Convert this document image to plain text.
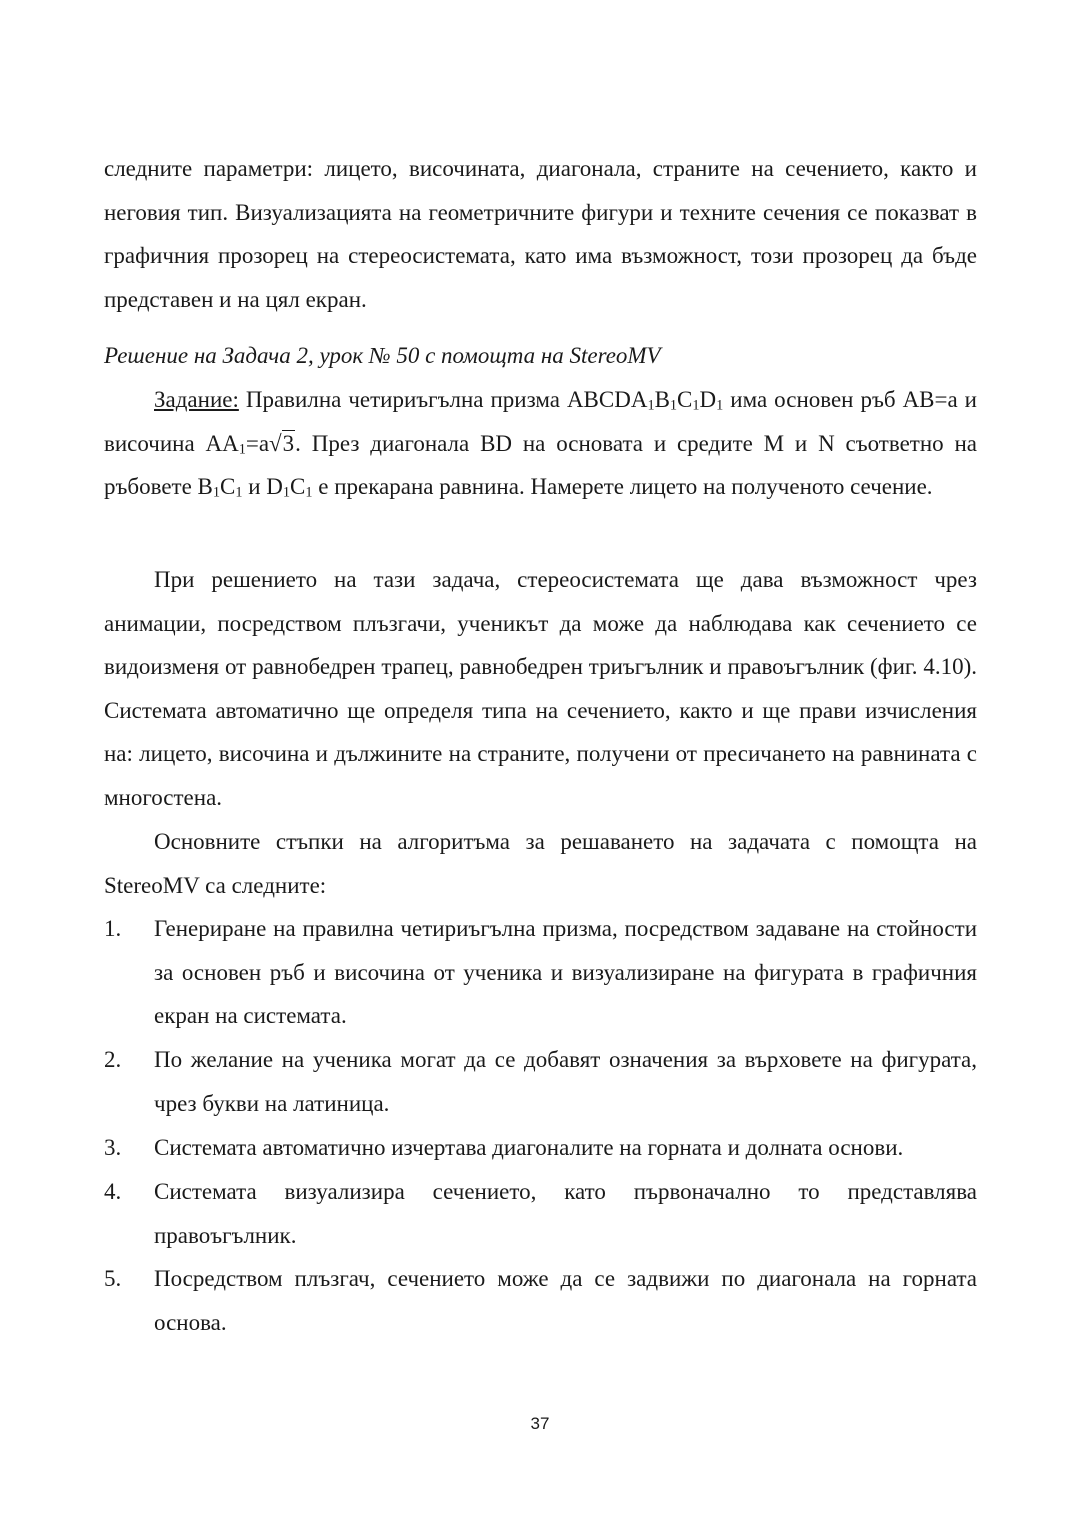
следните параметри: лицето, височината, диагонала, страните на сечението, както и неговия тип. Визуализацията на геометричните фигури и техните сечения се показват в графичния прозорец на стереосистемата, като има възможност, този прозорец да бъде представен и на цял екран.

Решение на Задача 2, урок № 50 с помощта на StereoMV

Задание: Правилна четириъгълна призма $ABCDA_1B_1C_1D_1$ има основен ръб AB=a и височина $AA_1=a√3$. През диагонала BD на основата и средите M и N съответно на ръбовете $B_1C_1$ и $D_1C_1$ е прекарана равнина. Намерете лицето на полученото сечение.

При решението на тази задача, стереосистемата ще дава възможност чрез анимации, посредством плъзгачи, ученикът да може да наблюдава как сечението се видоизменя от равнобедрен трапец, равнобедрен триъгълник и правоъгълник (фиг. 4.10). Системата автоматично ще определя типа на сечението, както и ще прави изчисления на: лицето, височина и дължините на страните, получени от пресичането на равнината с многостена.

Основните стъпки на алгоритъма за решаването на задачата с помощта на StereoMV са следните:

1.	Генериране на правилна четириъгълна призма, посредством задаване на стойности за основен ръб и височина от ученика и визуализиране на фигурата в графичния екран на системата.
2.	По желание на ученика могат да се добавят означения за върховете на фигурата, чрез букви на латиница.
3.	Системата автоматично изчертава диагоналите на горната и долната основи.
4.	Системата визуализира сечението, като първоначално то представлява правоъгълник.
5.	Посредством плъзгач, сечението може да се задвижи по диагонала на горната основа.
37
